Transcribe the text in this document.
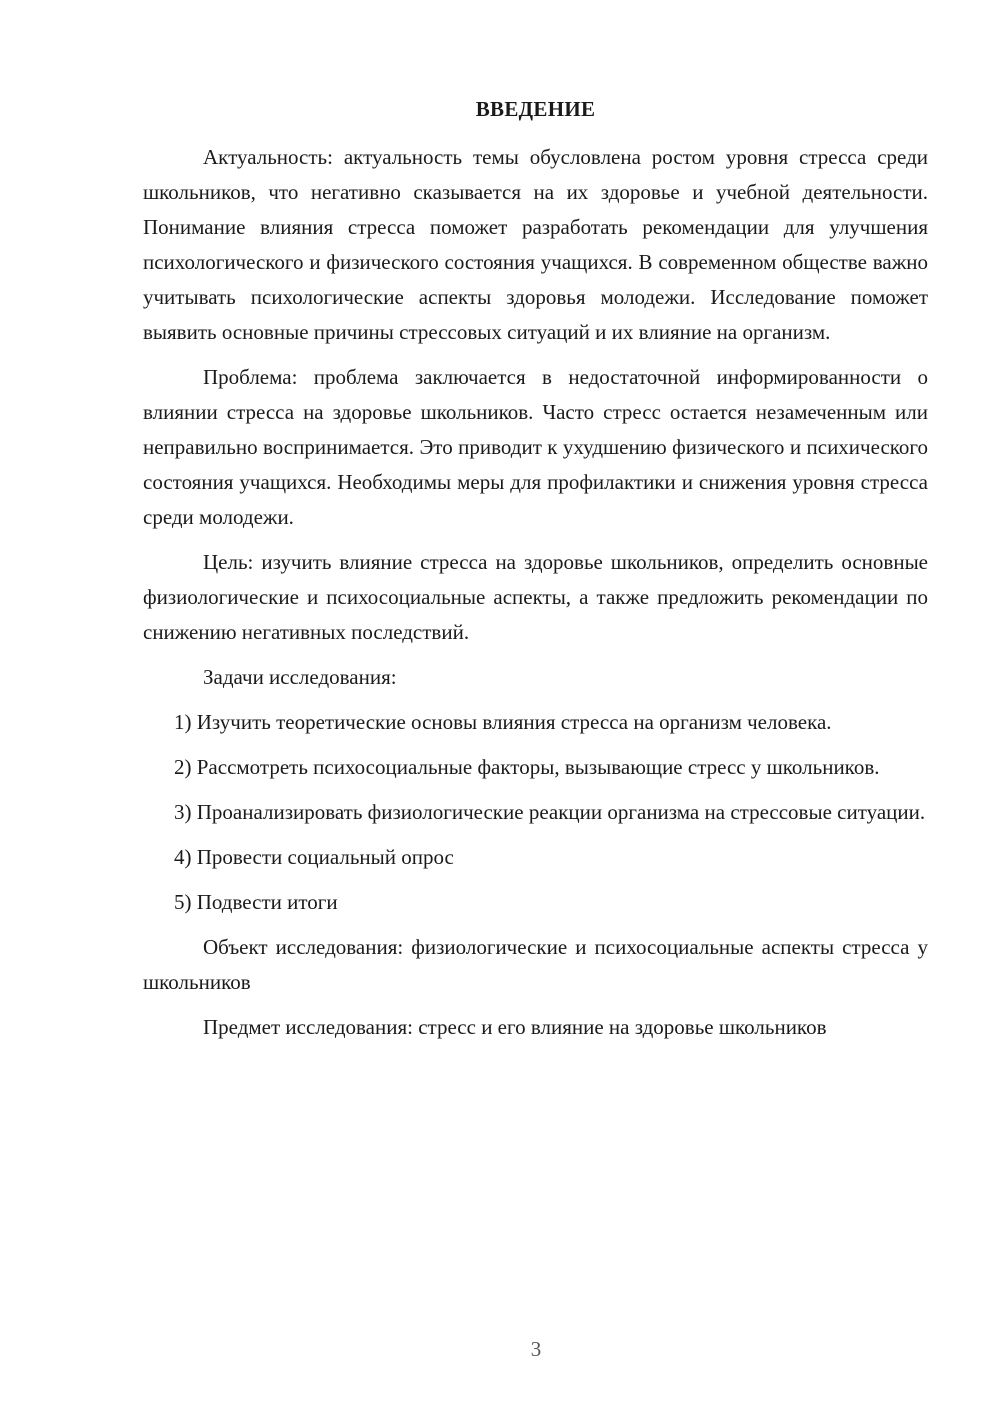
ВВЕДЕНИЕ

Актуальность: актуальность темы обусловлена ростом уровня стресса среди школьников, что негативно сказывается на их здоровье и учебной деятельности. Понимание влияния стресса поможет разработать рекомендации для улучшения психологического и физического состояния учащихся. В современном обществе важно учитывать психологические аспекты здоровья молодежи. Исследование поможет выявить основные причины стрессовых ситуаций и их влияние на организм.

Проблема: проблема заключается в недостаточной информированности о влиянии стресса на здоровье школьников. Часто стресс остается незамеченным или неправильно воспринимается. Это приводит к ухудшению физического и психического состояния учащихся. Необходимы меры для профилактики и снижения уровня стресса среди молодежи.

Цель: изучить влияние стресса на здоровье школьников, определить основные физиологические и психосоциальные аспекты, а также предложить рекомендации по снижению негативных последствий.

Задачи исследования:

1) Изучить теоретические основы влияния стресса на организм человека.

2) Рассмотреть психосоциальные факторы, вызывающие стресс у школьников.

3) Проанализировать физиологические реакции организма на стрессовые ситуации.

4) Провести социальный опрос

5) Подвести итоги

Объект исследования: физиологические и психосоциальные аспекты стресса у школьников

Предмет исследования: стресс и его влияние на здоровье школьников

3
